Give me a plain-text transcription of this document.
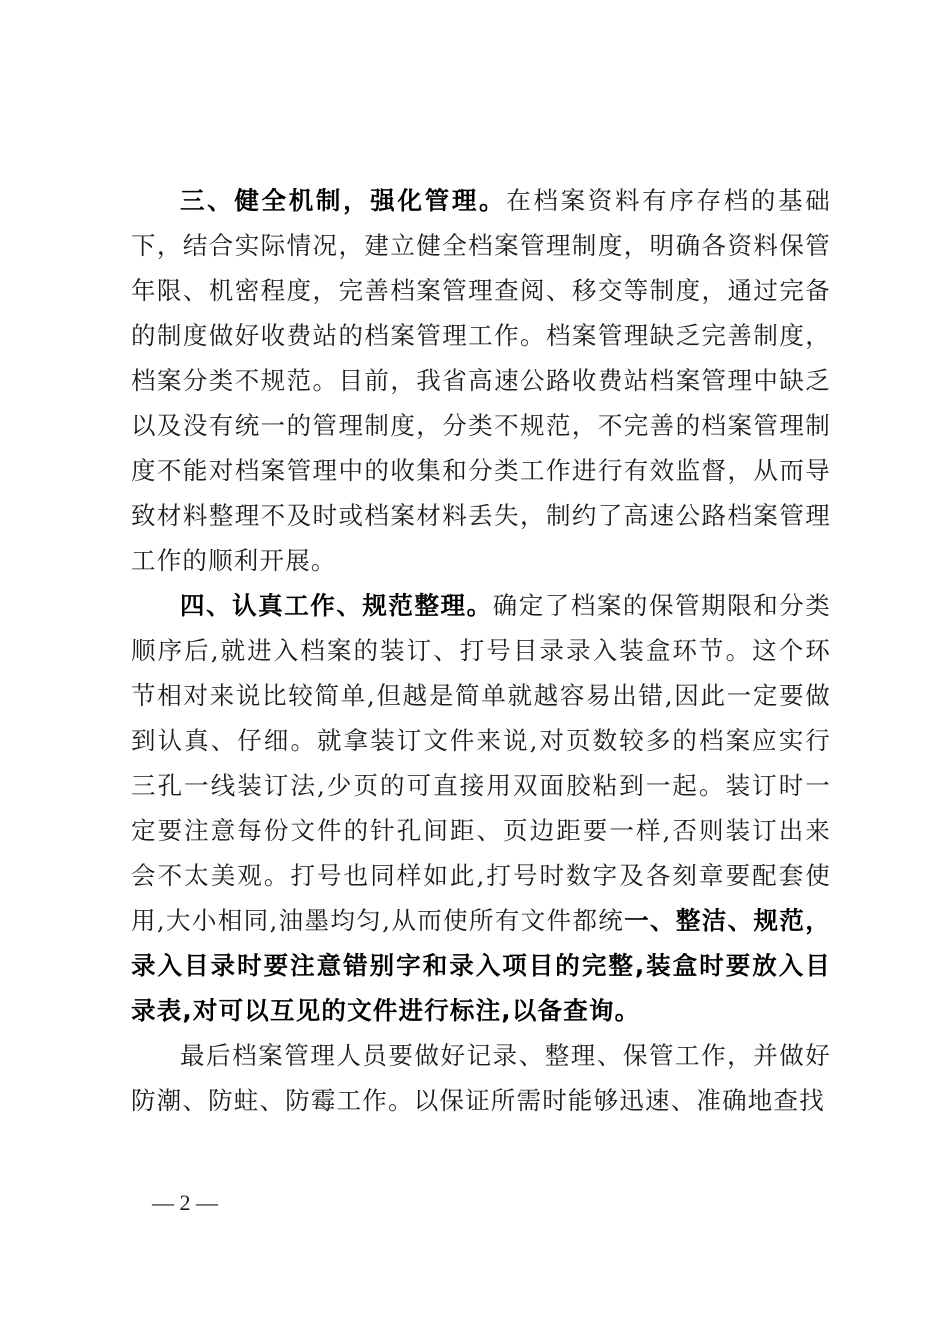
三、健全机制，强化管理。在档案资料有序存档的基础下，结合实际情况，建立健全档案管理制度，明确各资料保管年限、机密程度，完善档案管理查阅、移交等制度，通过完备的制度做好收费站的档案管理工作。档案管理缺乏完善制度，档案分类不规范。目前，我省高速公路收费站档案管理中缺乏以及没有统一的管理制度，分类不规范，不完善的档案管理制度不能对档案管理中的收集和分类工作进行有效监督，从而导致材料整理不及时或档案材料丢失，制约了高速公路档案管理工作的顺利开展。

四、认真工作、规范整理。确定了档案的保管期限和分类顺序后,就进入档案的装订、打号目录录入装盒环节。这个环节相对来说比较简单,但越是简单就越容易出错,因此一定要做到认真、仔细。就拿装订文件来说,对页数较多的档案应实行三孔一线装订法,少页的可直接用双面胶粘到一起。装订时一定要注意每份文件的针孔间距、页边距要一样,否则装订出来会不太美观。打号也同样如此,打号时数字及各刻章要配套使用,大小相同,油墨均匀,从而使所有文件都统一、整洁、规范，录入目录时要注意错别字和录入项目的完整,装盒时要放入目录表,对可以互见的文件进行标注,以备查询。

最后档案管理人员要做好记录、整理、保管工作，并做好防潮、防蛀、防霉工作。以保证所需时能够迅速、准确地查找

— 2 —
